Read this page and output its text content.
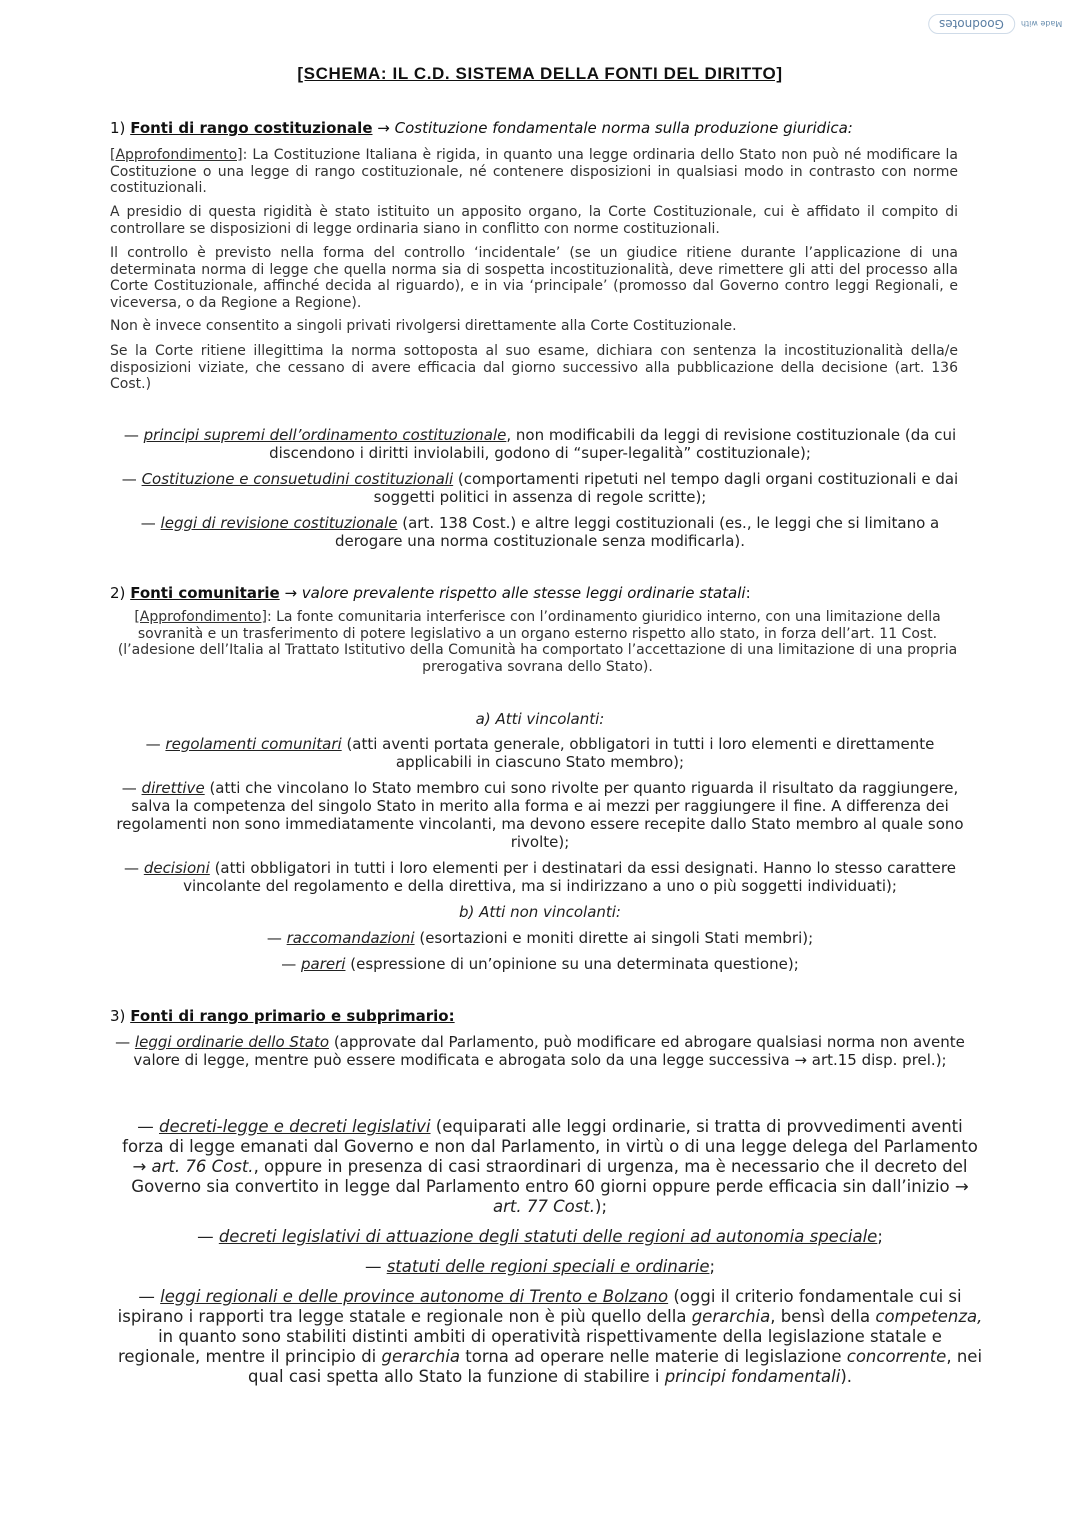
Made with
Goodnotes
[SCHEMA: IL C.D. SISTEMA DELLA FONTI DEL DIRITTO]

1) Fonti di rango costituzionale → Costituzione fondamentale norma sulla produzione giuridica:

[Approfondimento]: La Costituzione Italiana è rigida, in quanto una legge ordinaria dello Stato non può né modificare la Costituzione o una legge di rango costituzionale, né contenere disposizioni in qualsiasi modo in contrasto con norme costituzionali.

A presidio di questa rigidità è stato istituito un apposito organo, la Corte Costituzionale, cui è affidato il compito di controllare se disposizioni di legge ordinaria siano in conflitto con norme costituzionali.

Il controllo è previsto nella forma del controllo ‘incidentale’ (se un giudice ritiene durante l’applicazione di una determinata norma di legge che quella norma sia di sospetta incostituzionalità, deve rimettere gli atti del processo alla Corte Costituzionale, affinché decida al riguardo), e in via ‘principale’ (promosso dal Governo contro leggi Regionali, e viceversa, o da Regione a Regione).

Non è invece consentito a singoli privati rivolgersi direttamente alla Corte Costituzionale.

Se la Corte ritiene illegittima la norma sottoposta al suo esame, dichiara con sentenza la incostituzionalità della/e disposizioni viziate, che cessano di avere efficacia dal giorno successivo alla pubblicazione della decisione (art. 136 Cost.)

— principi supremi dell’ordinamento costituzionale, non modificabili da leggi di revisione costituzionale (da cui discendono i diritti inviolabili, godono di “super-legalità” costituzionale);

— Costituzione e consuetudini costituzionali (comportamenti ripetuti nel tempo dagli organi costituzionali e dai soggetti politici in assenza di regole scritte);

— leggi di revisione costituzionale (art. 138 Cost.) e altre leggi costituzionali (es., le leggi che si limitano a derogare una norma costituzionale senza modificarla).

2) Fonti comunitarie → valore prevalente rispetto alle stesse leggi ordinarie statali:

[Approfondimento]: La fonte comunitaria interferisce con l’ordinamento giuridico interno, con una limitazione della sovranità e un trasferimento di potere legislativo a un organo esterno rispetto allo stato, in forza dell’art. 11 Cost. (l’adesione dell’Italia al Trattato Istitutivo della Comunità ha comportato l’accettazione di una limitazione di una propria prerogativa sovrana dello Stato).

a) Atti vincolanti:

— regolamenti comunitari (atti aventi portata generale, obbligatori in tutti i loro elementi e direttamente applicabili in ciascuno Stato membro);

— direttive (atti che vincolano lo Stato membro cui sono rivolte per quanto riguarda il risultato da raggiungere, salva la competenza del singolo Stato in merito alla forma e ai mezzi per raggiungere il fine. A differenza dei regolamenti non sono immediatamente vincolanti, ma devono essere recepite dallo Stato membro al quale sono rivolte);

— decisioni (atti obbligatori in tutti i loro elementi per i destinatari da essi designati. Hanno lo stesso carattere vincolante del regolamento e della direttiva, ma si indirizzano a uno o più soggetti individuati);

b) Atti non vincolanti:

— raccomandazioni (esortazioni e moniti dirette ai singoli Stati membri);

— pareri (espressione di un’opinione su una determinata questione);

3) Fonti di rango primario e subprimario:

— leggi ordinarie dello Stato (approvate dal Parlamento, può modificare ed abrogare qualsiasi norma non avente valore di legge, mentre può essere modificata e abrogata solo da una legge successiva → art.15 disp. prel.);

— decreti-legge e decreti legislativi (equiparati alle leggi ordinarie, si tratta di provvedimenti aventi forza di legge emanati dal Governo e non dal Parlamento, in virtù o di una legge delega del Parlamento → art. 76 Cost., oppure in presenza di casi straordinari di urgenza, ma è necessario che il decreto del Governo sia convertito in legge dal Parlamento entro 60 giorni oppure perde efficacia sin dall’inizio → art. 77 Cost.);

— decreti legislativi di attuazione degli statuti delle regioni ad autonomia speciale;

— statuti delle regioni speciali e ordinarie;

— leggi regionali e delle province autonome di Trento e Bolzano (oggi il criterio fondamentale cui si ispirano i rapporti tra legge statale e regionale non è più quello della gerarchia, bensì della competenza, in quanto sono stabiliti distinti ambiti di operatività rispettivamente della legislazione statale e regionale, mentre il principio di gerarchia torna ad operare nelle materie di legislazione concorrente, nei qual casi spetta allo Stato la funzione di stabilire i principi fondamentali).
